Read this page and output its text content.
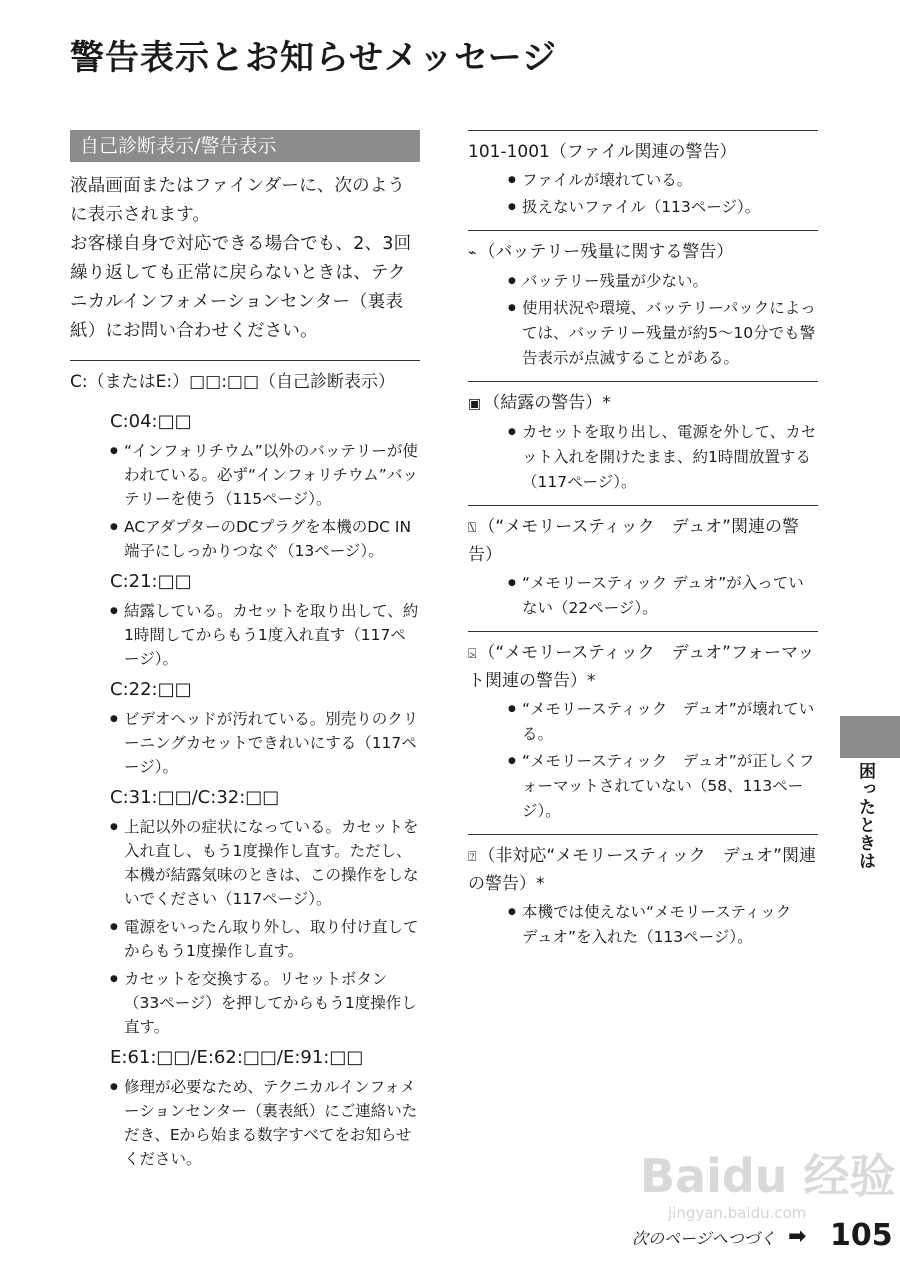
警告表示とお知らせメッセージ
自己診断表示/警告表示

液晶画面またはファインダーに、次のように表示されます。

お客様自身で対応できる場合でも、2、3回繰り返しても正常に戻らないときは、テクニカルインフォメーションセンター（裏表紙）にお問い合わせください。

C:（またはE:）□□:□□（自己診断表示）
C:04:□□
● “インフォリチウム”以外のバッテリーが使われている。必ず“インフォリチウム”バッテリーを使う（115ページ）。
● ACアダプターのDCプラグを本機のDC IN端子にしっかりつなぐ（13ページ）。
C:21:□□
● 結露している。カセットを取り出して、約1時間してからもう1度入れ直す（117ページ）。
C:22:□□
● ビデオヘッドが汚れている。別売りのクリーニングカセットできれいにする（117ページ）。
C:31:□□/C:32:□□
● 上記以外の症状になっている。カセットを入れ直し、もう1度操作し直す。ただし、本機が結露気味のときは、この操作をしないでください（117ページ）。
● 電源をいったん取り外し、取り付け直してからもう1度操作し直す。
● カセットを交換する。リセットボタン（33ページ）を押してからもう1度操作し直す。
E:61:□□/E:62:□□/E:91:□□
● 修理が必要なため、テクニカルインフォメーションセンター（裏表紙）にご連絡いただき、Eから始まる数字すべてをお知らせください。
101-1001（ファイル関連の警告）
● ファイルが壊れている。
● 扱えないファイル（113ページ）。
⌁ （バッテリー残量に関する警告）
● バッテリー残量が少ない。
● 使用状況や環境、バッテリーパックによっては、バッテリー残量が約5～10分でも警告表示が点滅することがある。
▣ （結露の警告）*
● カセットを取り出し、電源を外して、カセット入れを開けたまま、約1時間放置する（117ページ）。
⍂ （“メモリースティック　デュオ”関連の警告）
● “メモリースティック デュオ”が入っていない（22ページ）。
⍄ （“メモリースティック　デュオ”フォーマット関連の警告）*
● “メモリースティック　デュオ”が壊れている。
● “メモリースティック　デュオ”が正しくフォーマットされていない（58、113ページ）。
⍰ （非対応“メモリースティック　デュオ”関連の警告）*
● 本機では使えない“メモリースティック　デュオ”を入れた（113ページ）。
困ったときは
Baidu 经验
jingyan.baidu.com
次のページへつづく ➡ 105
